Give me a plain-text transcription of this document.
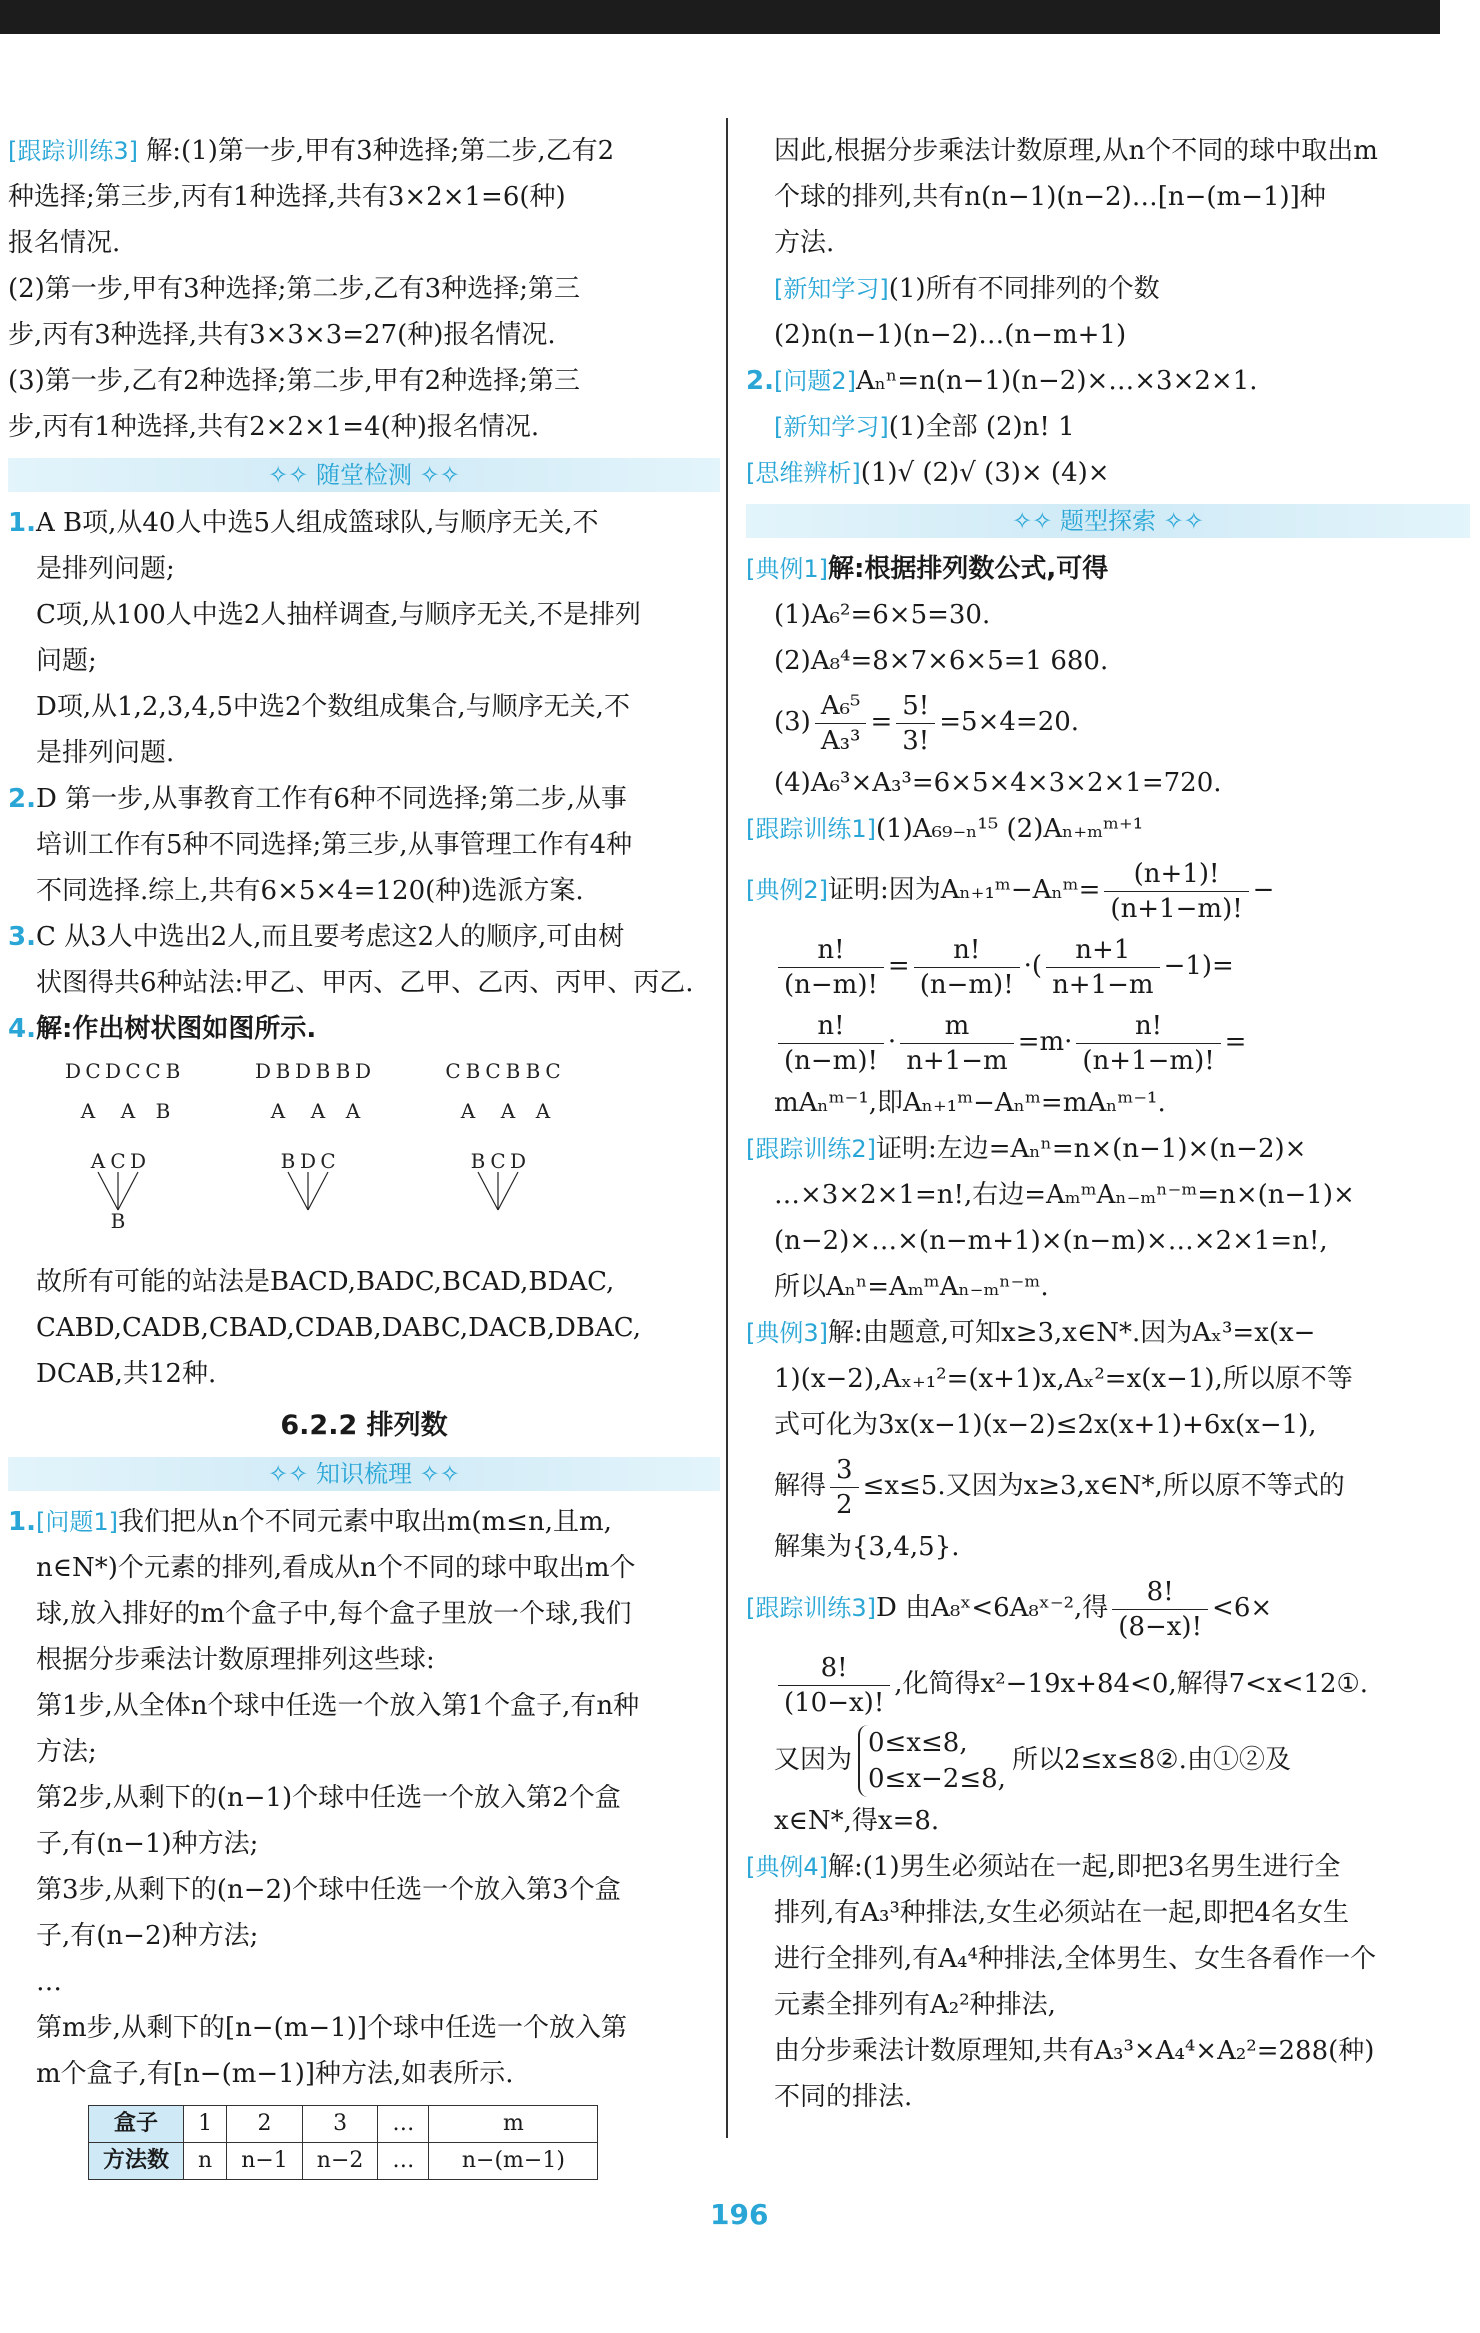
[跟踪训练3] 解:(1)第一步,甲有3种选择;第二步,乙有2
种选择;第三步,丙有1种选择,共有3×2×1=6(种)
报名情况.
(2)第一步,甲有3种选择;第二步,乙有3种选择;第三
步,丙有3种选择,共有3×3×3=27(种)报名情况.
(3)第一步,乙有2种选择;第二步,甲有2种选择;第三
步,丙有1种选择,共有2×2×1=4(种)报名情况.
✧✧ 随堂检测 ✧✧
1.A B项,从40人中选5人组成篮球队,与顺序无关,不
是排列问题;
C项,从100人中选2人抽样调查,与顺序无关,不是排列
问题;
D项,从1,2,3,4,5中选2个数组成集合,与顺序无关,不
是排列问题.
2.D 第一步,从事教育工作有6种不同选择;第二步,从事
培训工作有5种不同选择;第三步,从事管理工作有4种
不同选择.综上,共有6×5×4=120(种)选派方案.
3.C 从3人中选出2人,而且要考虑这2人的顺序,可由树
状图得共6种站法:甲乙、甲丙、乙甲、乙丙、丙甲、丙乙.
4.解:作出树状图如图所示.
D C D C C B
A A B
A C D
B
D B D B B D
A A A
B D C
C B C B B C
A A A
B C D
故所有可能的站法是BACD,BADC,BCAD,BDAC,
CABD,CADB,CBAD,CDAB,DABC,DACB,DBAC,
DCAB,共12种.
6.2.2 排列数
✧✧ 知识梳理 ✧✧
1.[问题1]我们把从n个不同元素中取出m(m≤n,且m,
n∈N*)个元素的排列,看成从n个不同的球中取出m个
球,放入排好的m个盒子中,每个盒子里放一个球,我们
根据分步乘法计数原理排列这些球:
第1步,从全体n个球中任选一个放入第1个盒子,有n种
方法;
第2步,从剩下的(n−1)个球中任选一个放入第2个盒
子,有(n−1)种方法;
第3步,从剩下的(n−2)个球中任选一个放入第3个盒
子,有(n−2)种方法;
…
第m步,从剩下的[n−(m−1)]个球中任选一个放入第
m个盒子,有[n−(m−1)]种方法,如表所示.
盒子	1	2	3	…	m
方法数	n	n−1	n−2	…	n−(m−1)
因此,根据分步乘法计数原理,从n个不同的球中取出m
个球的排列,共有n(n−1)(n−2)…[n−(m−1)]种
方法.
[新知学习](1)所有不同排列的个数
(2)n(n−1)(n−2)…(n−m+1)
2.[问题2]Aₙⁿ=n(n−1)(n−2)×…×3×2×1.
[新知学习](1)全部 (2)n! 1
[思维辨析](1)√ (2)√ (3)× (4)×
✧✧ 题型探索 ✧✧
[典例1]解:根据排列数公式,可得
(1)A₆²=6×5=30.
(2)A₈⁴=8×7×6×5=1 680.
$(3) \frac{\text{A₆⁵}}{\text{A₃³}} = \frac{5!}{3!} =5\times 4=20$.
(4)A₆³×A₃³=6×5×4×3×2×1=720.
[跟踪训练1](1)A₆₉₋ₙ¹⁵ (2)Aₙ₊ₘᵐ⁺¹
[典例2]证明:因为Aₙ₊₁ᵐ−Aₙᵐ= $\frac{(n+1)!}{(n+1-m)!}$ −
$\frac{n!}{(n-m)!} = \frac{n!}{(n-m)!}$ ·( $\frac{n+1}{n+1-m} -1)=$
$\frac{n!}{(n-m)!} \cdot \frac{m}{n+1-m} =m\cdot \frac{n!}{(n+1-m)!}$ =
mAₙᵐ⁻¹,即Aₙ₊₁ᵐ−Aₙᵐ=mAₙᵐ⁻¹.
[跟踪训练2]证明:左边=Aₙⁿ=n×(n−1)×(n−2)×
…×3×2×1=n!,右边=AₘᵐAₙ₋ₘⁿ⁻ᵐ=n×(n−1)×
(n−2)×…×(n−m+1)×(n−m)×…×2×1=n!,
所以Aₙⁿ=AₘᵐAₙ₋ₘⁿ⁻ᵐ.
[典例3]解:由题意,可知x≥3,x∈N*.因为Aₓ³=x(x−
1)(x−2),Aₓ₊₁²=(x+1)x,Aₓ²=x(x−1),所以原不等
式可化为3x(x−1)(x−2)≤2x(x+1)+6x(x−1),
解得 $\frac{3}{2} \le x\le 5$.又因为x≥3,x∈N*,所以原不等式的
解集为{3,4,5}.
[跟踪训练3]D 由A₈ˣ<6A₈ˣ⁻²,得 $\frac{8!}{(8-x)!} <6\times$
$\frac{8!}{(10-x)!}$ ,化简得x²−19x+84<0,解得7<x<12①.
又因为0≤x≤8,
0≤x−2≤8,所以2≤x≤8②.由①②及
x∈N*,得x=8.
[典例4]解:(1)男生必须站在一起,即把3名男生进行全
排列,有A₃³种排法,女生必须站在一起,即把4名女生
进行全排列,有A₄⁴种排法,全体男生、女生各看作一个
元素全排列有A₂²种排法,
由分步乘法计数原理知,共有A₃³×A₄⁴×A₂²=288(种)
不同的排法.
196
